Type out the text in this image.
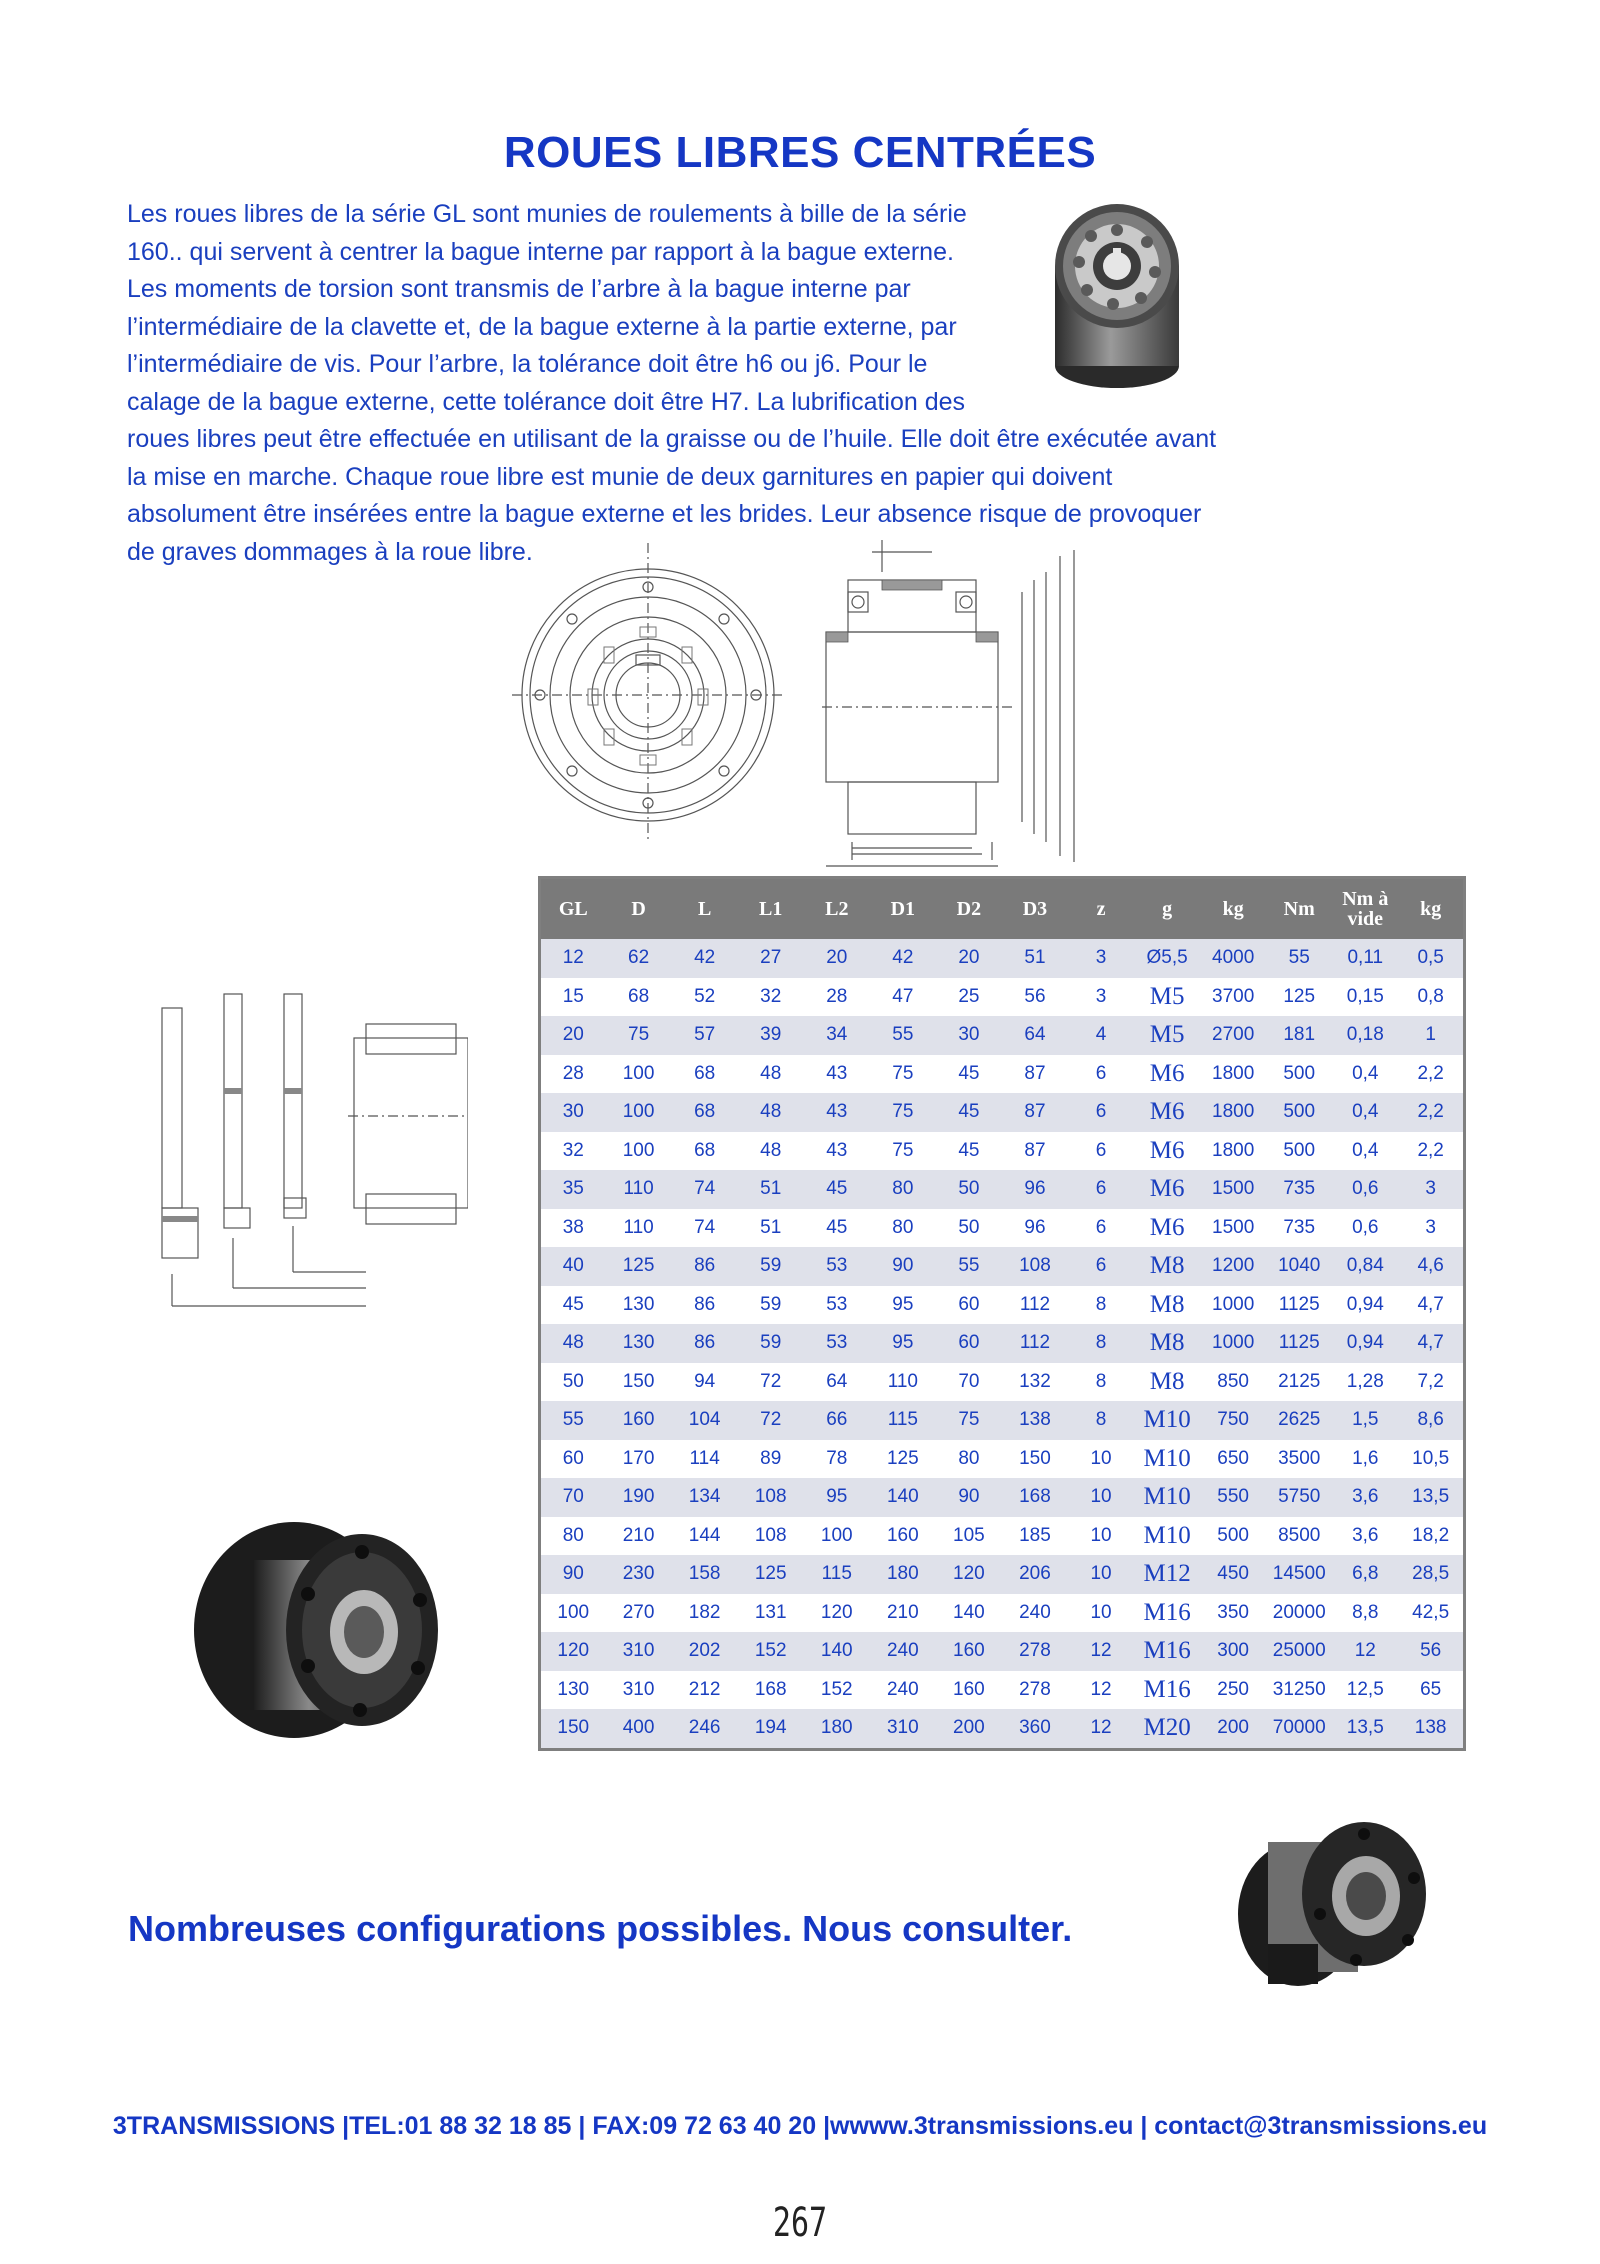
ROUES LIBRES CENTRÉES
Les roues libres de la série GL sont munies de roulements à bille de la série 160.. qui servent à centrer la bague interne par rapport à la bague externe. Les moments de torsion sont transmis de l’arbre à la bague interne par l’intermédiaire de la clavette et, de la bague externe à la partie externe, par l’intermédiaire de vis. Pour l’arbre, la tolérance doit être h6 ou j6. Pour le calage de la bague externe, cette tolérance doit être H7. La lubrification des roues libres peut être effectuée en utilisant de la graisse ou de l’huile. Elle doit être exécutée avant la mise en marche. Chaque roue libre est munie de deux garnitures en papier qui doivent absolument être insérées entre la bague externe et les brides. Leur absence risque de provoquer de graves dommages à la roue libre.
GL	D	L	L1	L2	D1	D2	D3	z	g	kg	Nm	Nm à vide	kg
12	62	42	27	20	42	20	51	3	Ø5,5	4000	55	0,11	0,5
15	68	52	32	28	47	25	56	3	M5	3700	125	0,15	0,8
20	75	57	39	34	55	30	64	4	M5	2700	181	0,18	1
28	100	68	48	43	75	45	87	6	M6	1800	500	0,4	2,2
30	100	68	48	43	75	45	87	6	M6	1800	500	0,4	2,2
32	100	68	48	43	75	45	87	6	M6	1800	500	0,4	2,2
35	110	74	51	45	80	50	96	6	M6	1500	735	0,6	3
38	110	74	51	45	80	50	96	6	M6	1500	735	0,6	3
40	125	86	59	53	90	55	108	6	M8	1200	1040	0,84	4,6
45	130	86	59	53	95	60	112	8	M8	1000	1125	0,94	4,7
48	130	86	59	53	95	60	112	8	M8	1000	1125	0,94	4,7
50	150	94	72	64	110	70	132	8	M8	850	2125	1,28	7,2
55	160	104	72	66	115	75	138	8	M10	750	2625	1,5	8,6
60	170	114	89	78	125	80	150	10	M10	650	3500	1,6	10,5
70	190	134	108	95	140	90	168	10	M10	550	5750	3,6	13,5
80	210	144	108	100	160	105	185	10	M10	500	8500	3,6	18,2
90	230	158	125	115	180	120	206	10	M12	450	14500	6,8	28,5
100	270	182	131	120	210	140	240	10	M16	350	20000	8,8	42,5
120	310	202	152	140	240	160	278	12	M16	300	25000	12	56
130	310	212	168	152	240	160	278	12	M16	250	31250	12,5	65
150	400	246	194	180	310	200	360	12	M20	200	70000	13,5	138
Nombreuses configurations possibles. Nous consulter.
3TRANSMISSIONS |TEL:01 88 32 18 85 | FAX:09 72 63 40 20 |wwww.3transmissions.eu | contact@3transmissions.eu
267
